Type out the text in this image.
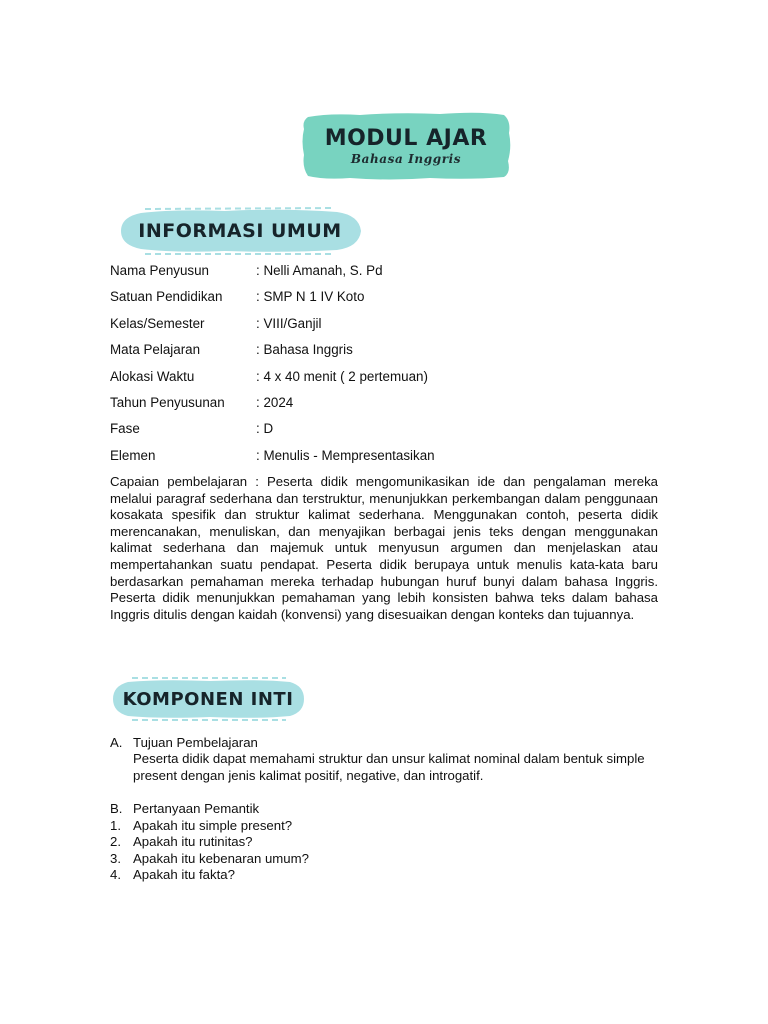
MODUL AJAR
Bahasa Inggris
INFORMASI UMUM
Nama Penyusun	: Nelli Amanah, S. Pd
Satuan Pendidikan	: SMP N 1 IV Koto
Kelas/Semester	: VIII/Ganjil
Mata Pelajaran	: Bahasa Inggris
Alokasi Waktu	: 4 x 40 menit ( 2 pertemuan)
Tahun Penyusunan : 2024
Fase	: D
Elemen	: Menulis - Mempresentasikan
Capaian pembelajaran : Peserta didik mengomunikasikan ide dan pengalaman mereka melalui paragraf sederhana dan terstruktur, menunjukkan perkembangan dalam penggunaan kosakata spesifik dan struktur kalimat sederhana. Menggunakan contoh, peserta didik merencanakan, menuliskan, dan menyajikan berbagai jenis teks dengan menggunakan kalimat sederhana dan majemuk untuk menyusun argumen dan menjelaskan atau mempertahankan suatu pendapat. Peserta didik berupaya untuk menulis kata-kata baru berdasarkan pemahaman mereka terhadap hubungan huruf bunyi dalam bahasa Inggris. Peserta didik menunjukkan pemahaman yang lebih konsisten bahwa teks dalam bahasa Inggris ditulis dengan kaidah (konvensi) yang disesuaikan dengan konteks dan tujuannya.
KOMPONEN INTI
A. Tujuan Pembelajaran
Peserta didik dapat memahami struktur dan unsur kalimat nominal dalam bentuk simple present dengan jenis kalimat positif, negative, dan introgatif.
B. Pertanyaan Pemantik
1. Apakah itu simple present?
2. Apakah itu rutinitas?
3. Apakah itu kebenaran umum?
4. Apakah itu fakta?
